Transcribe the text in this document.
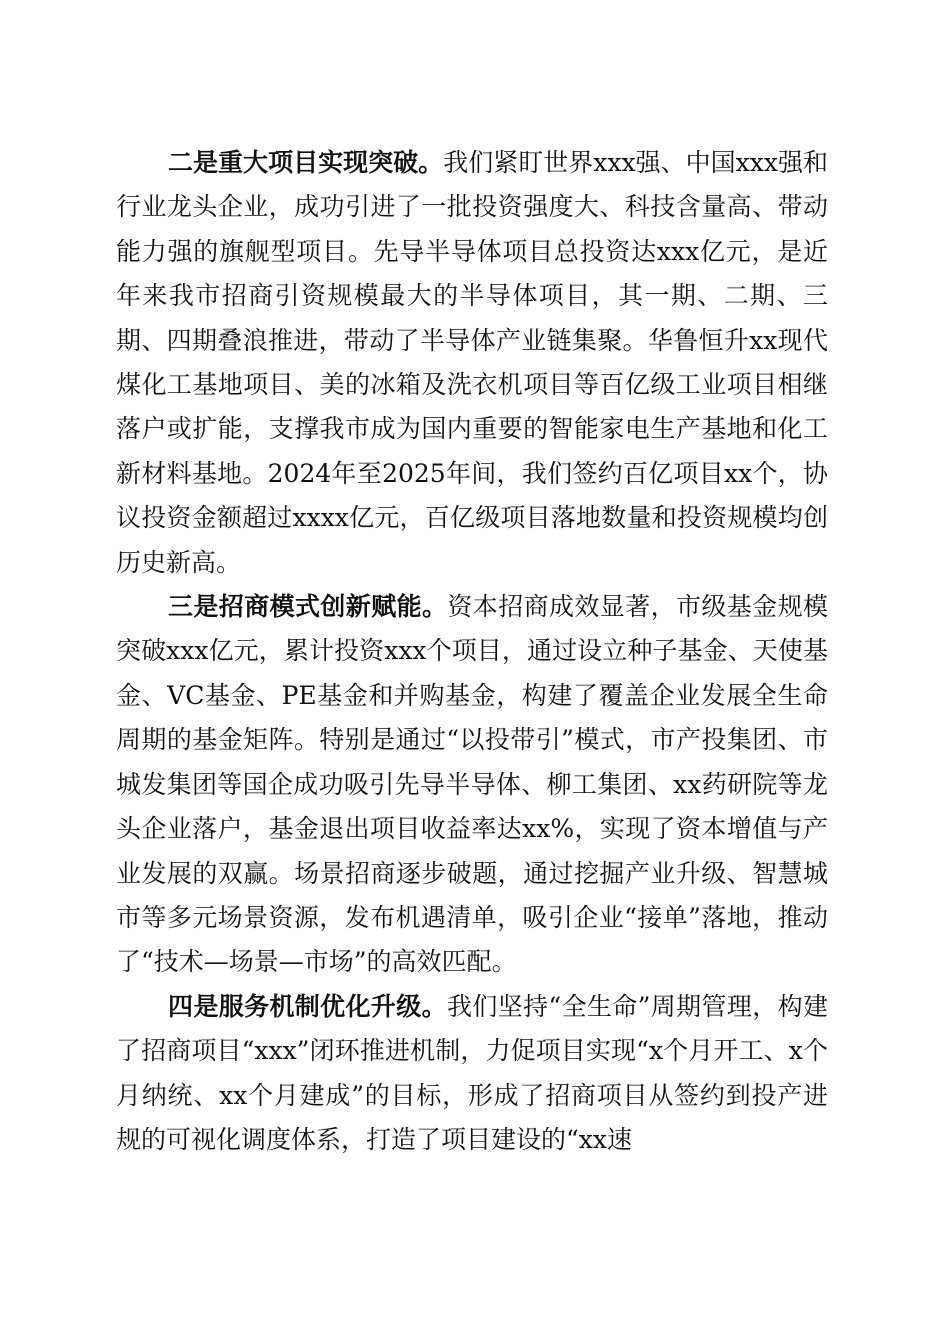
二是重大项目实现突破。我们紧盯世界xxx强、中国xxx强和行业龙头企业，成功引进了一批投资强度大、科技含量高、带动能力强的旗舰型项目。先导半导体项目总投资达xxx亿元，是近年来我市招商引资规模最大的半导体项目，其一期、二期、三期、四期叠浪推进，带动了半导体产业链集聚。华鲁恒升xx现代煤化工基地项目、美的冰箱及洗衣机项目等百亿级工业项目相继落户或扩能，支撑我市成为国内重要的智能家电生产基地和化工新材料基地。2024年至2025年间，我们签约百亿项目xx个，协议投资金额超过xxxx亿元，百亿级项目落地数量和投资规模均创历史新高。

三是招商模式创新赋能。资本招商成效显著，市级基金规模突破xxx亿元，累计投资xxx个项目，通过设立种子基金、天使基金、VC基金、PE基金和并购基金，构建了覆盖企业发展全生命周期的基金矩阵。特别是通过“以投带引”模式，市产投集团、市城发集团等国企成功吸引先导半导体、柳工集团、xx药研院等龙头企业落户，基金退出项目收益率达xx%，实现了资本增值与产业发展的双赢。场景招商逐步破题，通过挖掘产业升级、智慧城市等多元场景资源，发布机遇清单，吸引企业“接单”落地，推动了“技术—场景—市场”的高效匹配。

四是服务机制优化升级。我们坚持“全生命”周期管理，构建了招商项目“xxx”闭环推进机制，力促项目实现“x个月开工、x个月纳统、xx个月建成”的目标，形成了招商项目从签约到投产进规的可视化调度体系，打造了项目建设的“xx速
